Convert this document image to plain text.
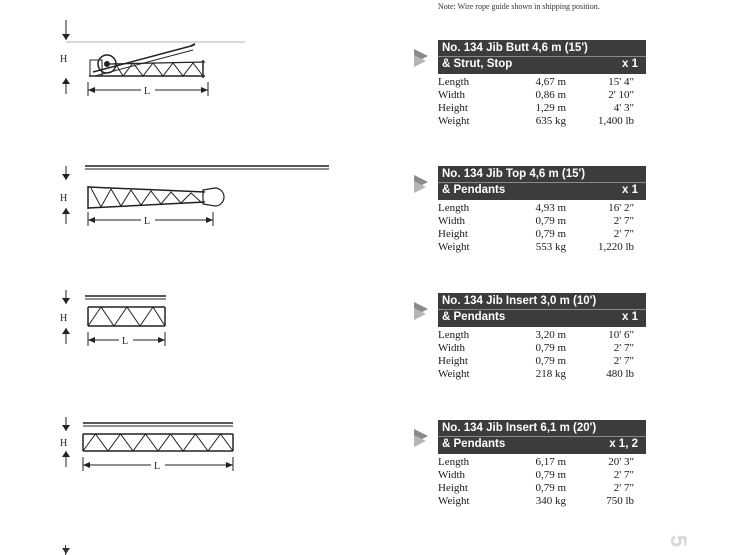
Note: Wire rope guide shown in shipping position.
H
L
H
L
H
L
H
L
No. 134 Jib Butt 4,6 m (15')
& Strut, Stop	x 1
Length	4,67 m	15' 4"
Width	0,86 m	2' 10"
Height	1,29 m	4' 3"
Weight	635 kg	1,400 lb
No. 134 Jib Top 4,6 m (15')
& Pendants	x 1
Length	4,93 m	16' 2"
Width	0,79 m	2' 7"
Height	0,79 m	2' 7"
Weight	553 kg	1,220 lb
No. 134 Jib Insert 3,0 m (10')
& Pendants	x 1
Length	3,20 m	10' 6"
Width	0,79 m	2' 7"
Height	0,79 m	2' 7"
Weight	218 kg	480 lb
No. 134 Jib Insert 6,1 m (20')
& Pendants	x 1, 2
Length	6,17 m	20' 3"
Width	0,79 m	2' 7"
Height	0,79 m	2' 7"
Weight	340 kg	750 lb
5
